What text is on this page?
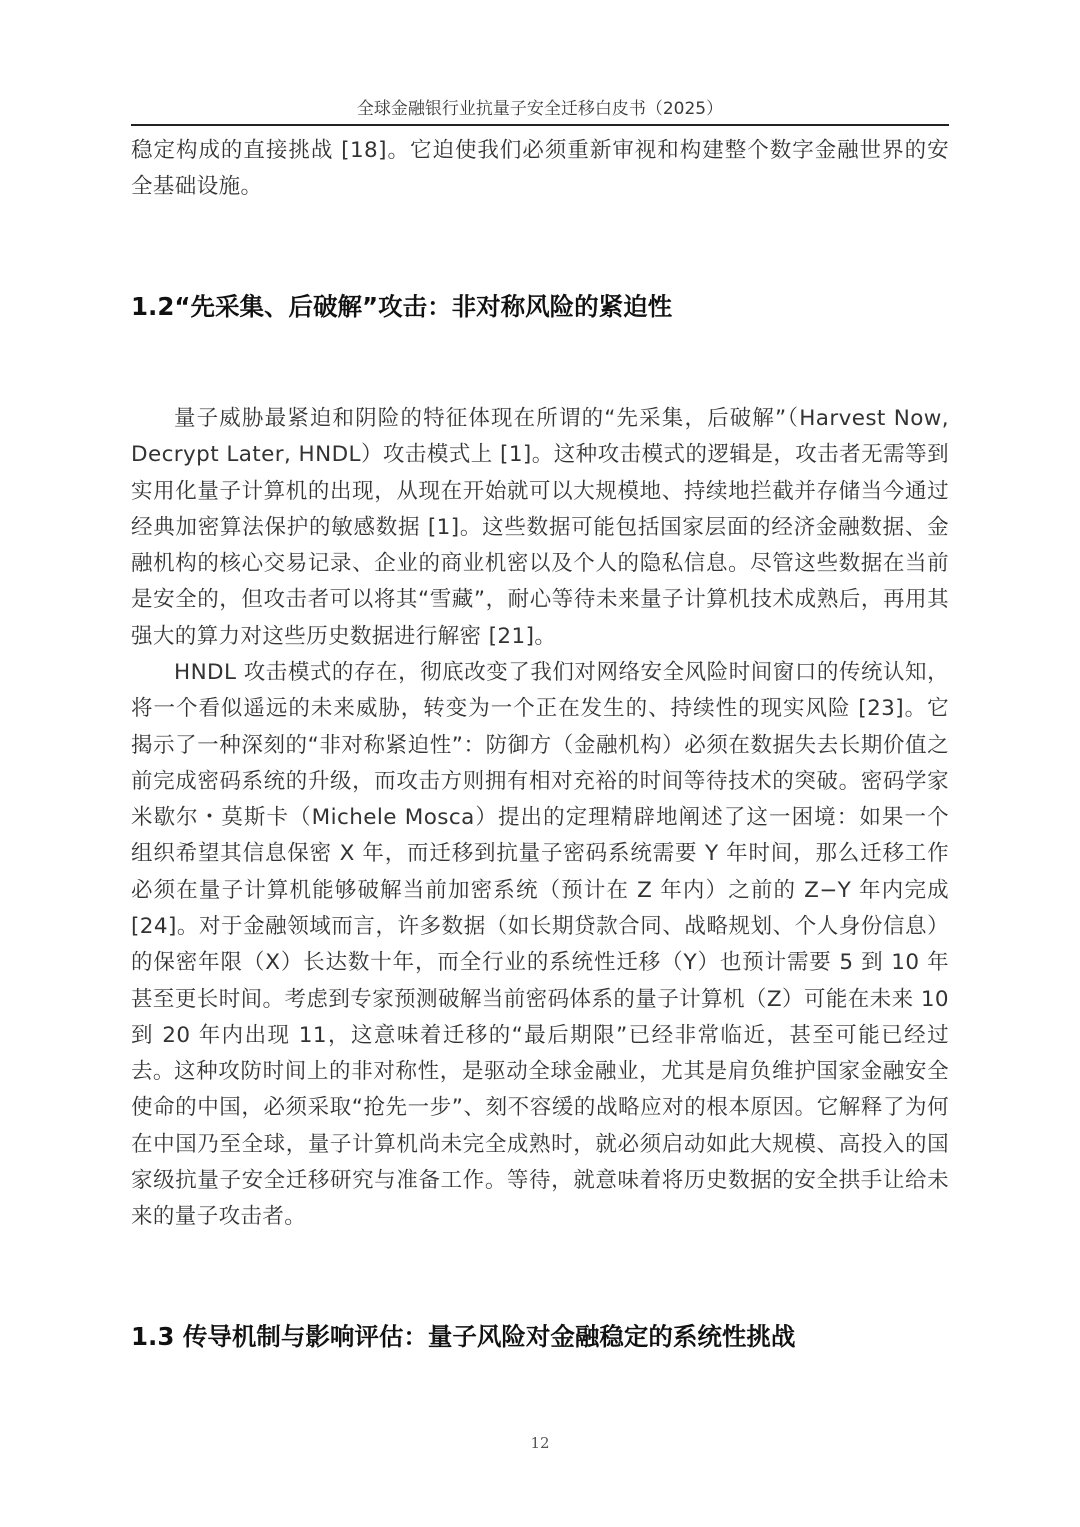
全球金融银行业抗量子安全迁移白皮书（2025）

稳定构成的直接挑战 [18]。它迫使我们必须重新审视和构建整个数字金融世界的安全基础设施。

1.2“先采集、后破解”攻击：非对称风险的紧迫性

量子威胁最紧迫和阴险的特征体现在所谓的“先采集，后破解”（Harvest Now, Decrypt Later, HNDL）攻击模式上 [1]。这种攻击模式的逻辑是，攻击者无需等到实用化量子计算机的出现，从现在开始就可以大规模地、持续地拦截并存储当今通过经典加密算法保护的敏感数据 [1]。这些数据可能包括国家层面的经济金融数据、金融机构的核心交易记录、企业的商业机密以及个人的隐私信息。尽管这些数据在当前是安全的，但攻击者可以将其“雪藏”，耐心等待未来量子计算机技术成熟后，再用其强大的算力对这些历史数据进行解密 [21]。

HNDL 攻击模式的存在，彻底改变了我们对网络安全风险时间窗口的传统认知，将一个看似遥远的未来威胁，转变为一个正在发生的、持续性的现实风险 [23]。它揭示了一种深刻的“非对称紧迫性”：防御方（金融机构）必须在数据失去长期价值之前完成密码系统的升级，而攻击方则拥有相对充裕的时间等待技术的突破。密码学家米歇尔・莫斯卡（Michele Mosca）提出的定理精辟地阐述了这一困境：如果一个组织希望其信息保密 X 年，而迁移到抗量子密码系统需要 Y 年时间，那么迁移工作必须在量子计算机能够破解当前加密系统（预计在 Z 年内）之前的 Z−Y 年内完成 [24]。对于金融领域而言，许多数据（如长期贷款合同、战略规划、个人身份信息）的保密年限（X）长达数十年，而全行业的系统性迁移（Y）也预计需要 5 到 10 年甚至更长时间。考虑到专家预测破解当前密码体系的量子计算机（Z）可能在未来 10 到 20 年内出现 11，这意味着迁移的“最后期限”已经非常临近，甚至可能已经过去。 这种攻防时间上的非对称性，是驱动全球金融业，尤其是肩负维护国家金融安全使命的中国，必须采取“抢先一步”、刻不容缓的战略应对的根本原因。它解释了为何在中国乃至全球，量子计算机尚未完全成熟时，就必须启动如此大规模、高投入的国家级抗量子安全迁移研究与准备工作。等待，就意味着将历史数据的安全拱手让给未来的量子攻击者。

1.3 传导机制与影响评估：量子风险对金融稳定的系统性挑战
12
